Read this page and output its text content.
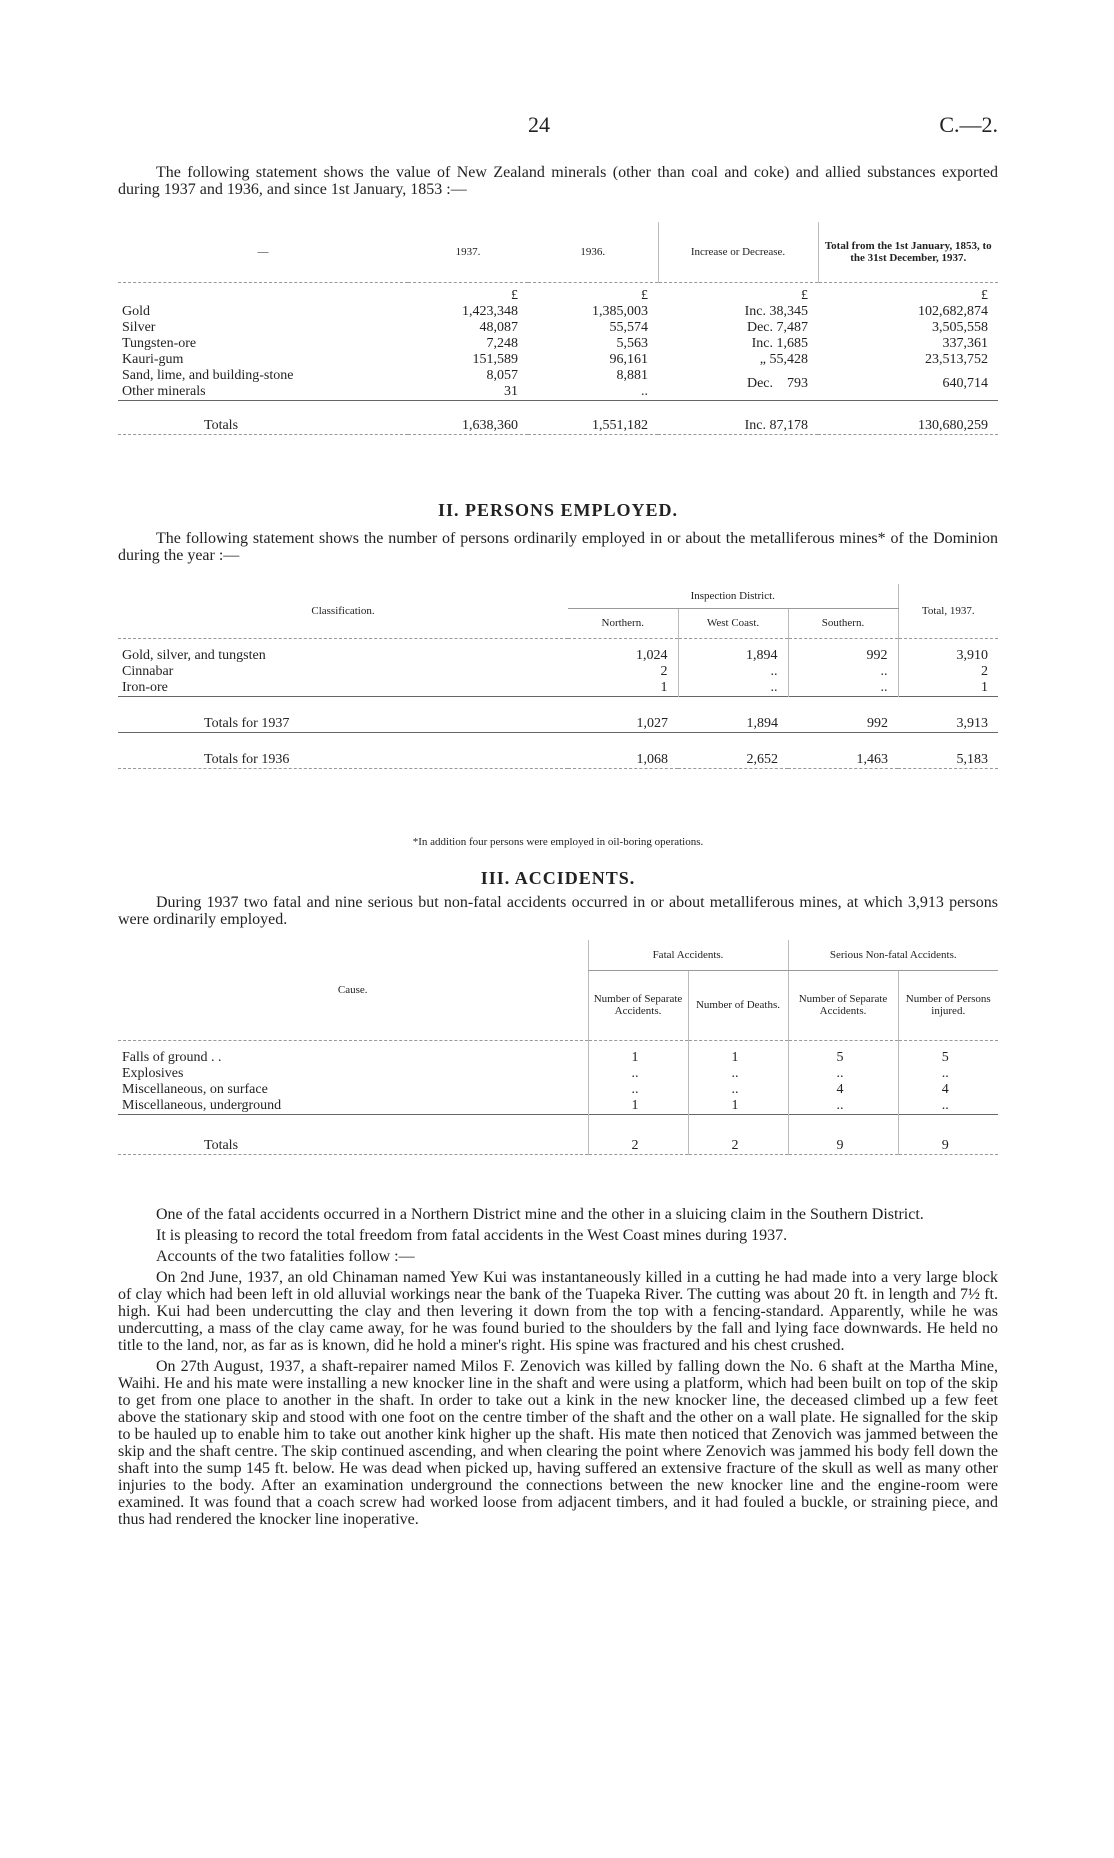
24	C.—2.

The following statement shows the value of New Zealand minerals (other than coal and coke) and allied substances exported during 1937 and 1936, and since 1st January, 1853 :—

—	1937.	1936.	Increase or Decrease.	Total from the 1st January, 1853, to the 31st December, 1937.
	£	£	£	£
Gold	1,423,348	1,385,003	Inc. 38,345	102,682,874
Silver	48,087	55,574	Dec. 7,487	3,505,558
Tungsten-ore	7,248	5,563	Inc. 1,685	337,361
Kauri-gum	151,589	96,161	„ 55,428	23,513,752
Sand, lime, and building-stone	8,057	8,881	Dec. 793	640,714
Other minerals	31	..		
Totals	1,638,360	1,551,182	Inc. 87,178	130,680,259
II. PERSONS EMPLOYED.

The following statement shows the number of persons ordinarily employed in or about the metalliferous mines* of the Dominion during the year :—

Classification.	Inspection District.			Total, 1937.
	Northern.	West Coast.	Southern.	
Gold, silver, and tungsten	1,024	1,894	992	3,910
Cinnabar	2	..	..	2
Iron-ore	1	..	..	1
Totals for 1937	1,027	1,894	992	3,913
Totals for 1936	1,068	2,652	1,463	5,183
*In addition four persons were employed in oil-boring operations.
III. ACCIDENTS.

During 1937 two fatal and nine serious but non-fatal accidents occurred in or about metalliferous mines, at which 3,913 persons were ordinarily employed.

Cause.	Fatal Accidents.		Serious Non-fatal Accidents.	
	Number of Separate Accidents.	Number of Deaths.	Number of Separate Accidents.	Number of Persons injured.
Falls of ground . .	1	1	5	5
Explosives	..	..	..	..
Miscellaneous, on surface	..	..	4	4
Miscellaneous, underground	1	1	..	..
Totals	2	2	9	9

One of the fatal accidents occurred in a Northern District mine and the other in a sluicing claim in the Southern District.

It is pleasing to record the total freedom from fatal accidents in the West Coast mines during 1937.

Accounts of the two fatalities follow :—

On 2nd June, 1937, an old Chinaman named Yew Kui was instantaneously killed in a cutting he had made into a very large block of clay which had been left in old alluvial workings near the bank of the Tuapeka River. The cutting was about 20 ft. in length and 7½ ft. high. Kui had been undercutting the clay and then levering it down from the top with a fencing-standard. Apparently, while he was undercutting, a mass of the clay came away, for he was found buried to the shoulders by the fall and lying face downwards. He held no title to the land, nor, as far as is known, did he hold a miner's right. His spine was fractured and his chest crushed.

On 27th August, 1937, a shaft-repairer named Milos F. Zenovich was killed by falling down the No. 6 shaft at the Martha Mine, Waihi. He and his mate were installing a new knocker line in the shaft and were using a platform, which had been built on top of the skip to get from one place to another in the shaft. In order to take out a kink in the new knocker line, the deceased climbed up a few feet above the stationary skip and stood with one foot on the centre timber of the shaft and the other on a wall plate. He signalled for the skip to be hauled up to enable him to take out another kink higher up the shaft. His mate then noticed that Zenovich was jammed between the skip and the shaft centre. The skip continued ascending, and when clearing the point where Zenovich was jammed his body fell down the shaft into the sump 145 ft. below. He was dead when picked up, having suffered an extensive fracture of the skull as well as many other injuries to the body. After an examination underground the connections between the new knocker line and the engine-room were examined. It was found that a coach screw had worked loose from adjacent timbers, and it had fouled a buckle, or straining piece, and thus had rendered the knocker line inoperative.
